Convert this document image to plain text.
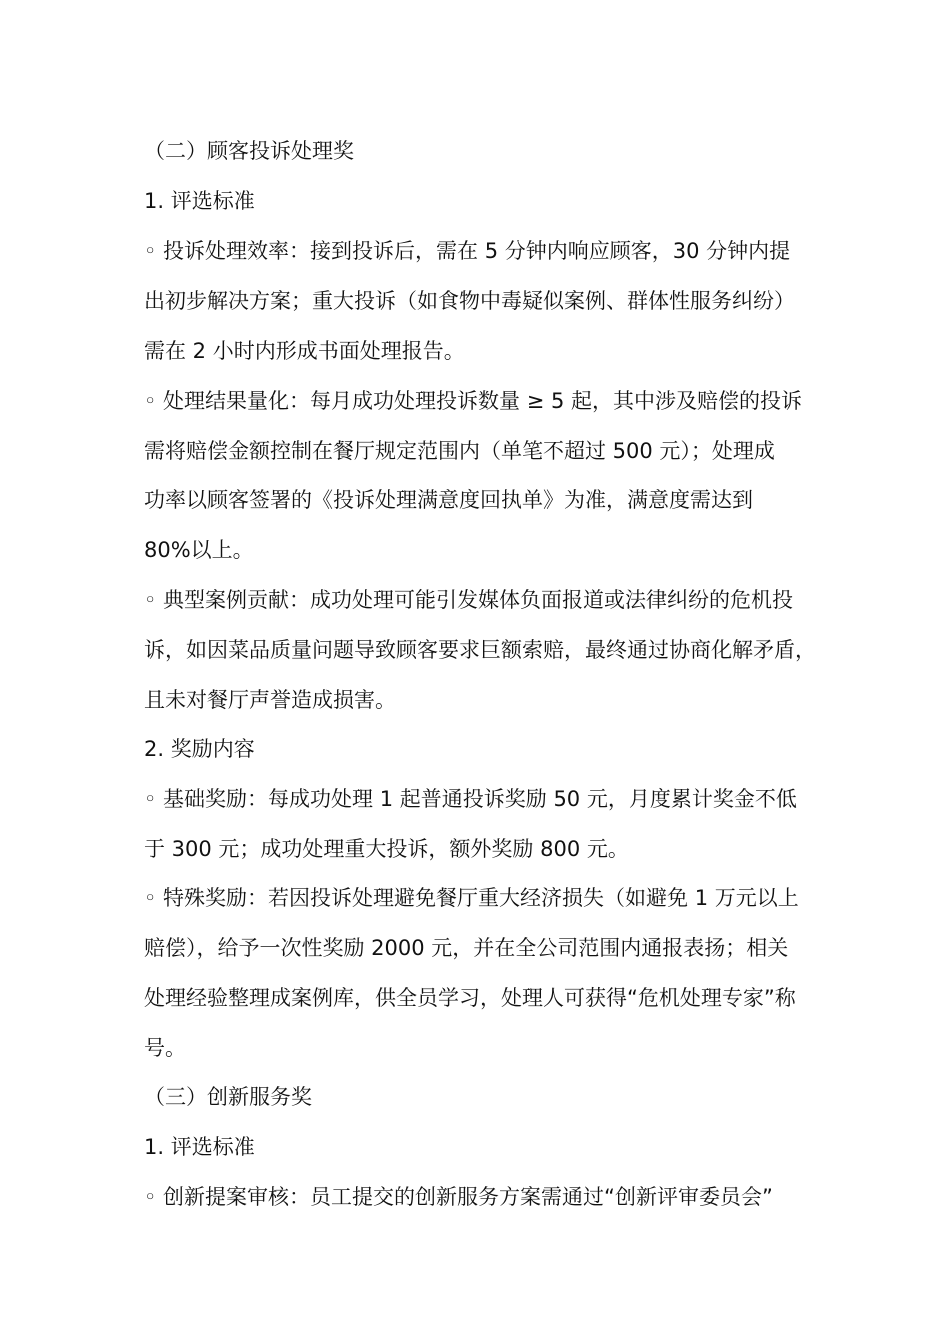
（二）顾客投诉处理奖
1. 评选标准
◦ 投诉处理效率：接到投诉后，需在 5 分钟内响应顾客，30 分钟内提
出初步解决方案；重大投诉（如食物中毒疑似案例、群体性服务纠纷）
需在 2 小时内形成书面处理报告。
◦ 处理结果量化：每月成功处理投诉数量 ≥ 5 起，其中涉及赔偿的投诉
需将赔偿金额控制在餐厅规定范围内（单笔不超过 500 元）；处理成
功率以顾客签署的《投诉处理满意度回执单》为准，满意度需达到
80%以上。
◦ 典型案例贡献：成功处理可能引发媒体负面报道或法律纠纷的危机投
诉，如因菜品质量问题导致顾客要求巨额索赔，最终通过协商化解矛盾，
且未对餐厅声誉造成损害。
2. 奖励内容
◦ 基础奖励：每成功处理 1 起普通投诉奖励 50 元，月度累计奖金不低
于 300 元；成功处理重大投诉，额外奖励 800 元。
◦ 特殊奖励：若因投诉处理避免餐厅重大经济损失（如避免 1 万元以上
赔偿），给予一次性奖励 2000 元，并在全公司范围内通报表扬；相关
处理经验整理成案例库，供全员学习，处理人可获得“危机处理专家”称
号。
（三）创新服务奖
1. 评选标准
◦ 创新提案审核：员工提交的创新服务方案需通过“创新评审委员会”
